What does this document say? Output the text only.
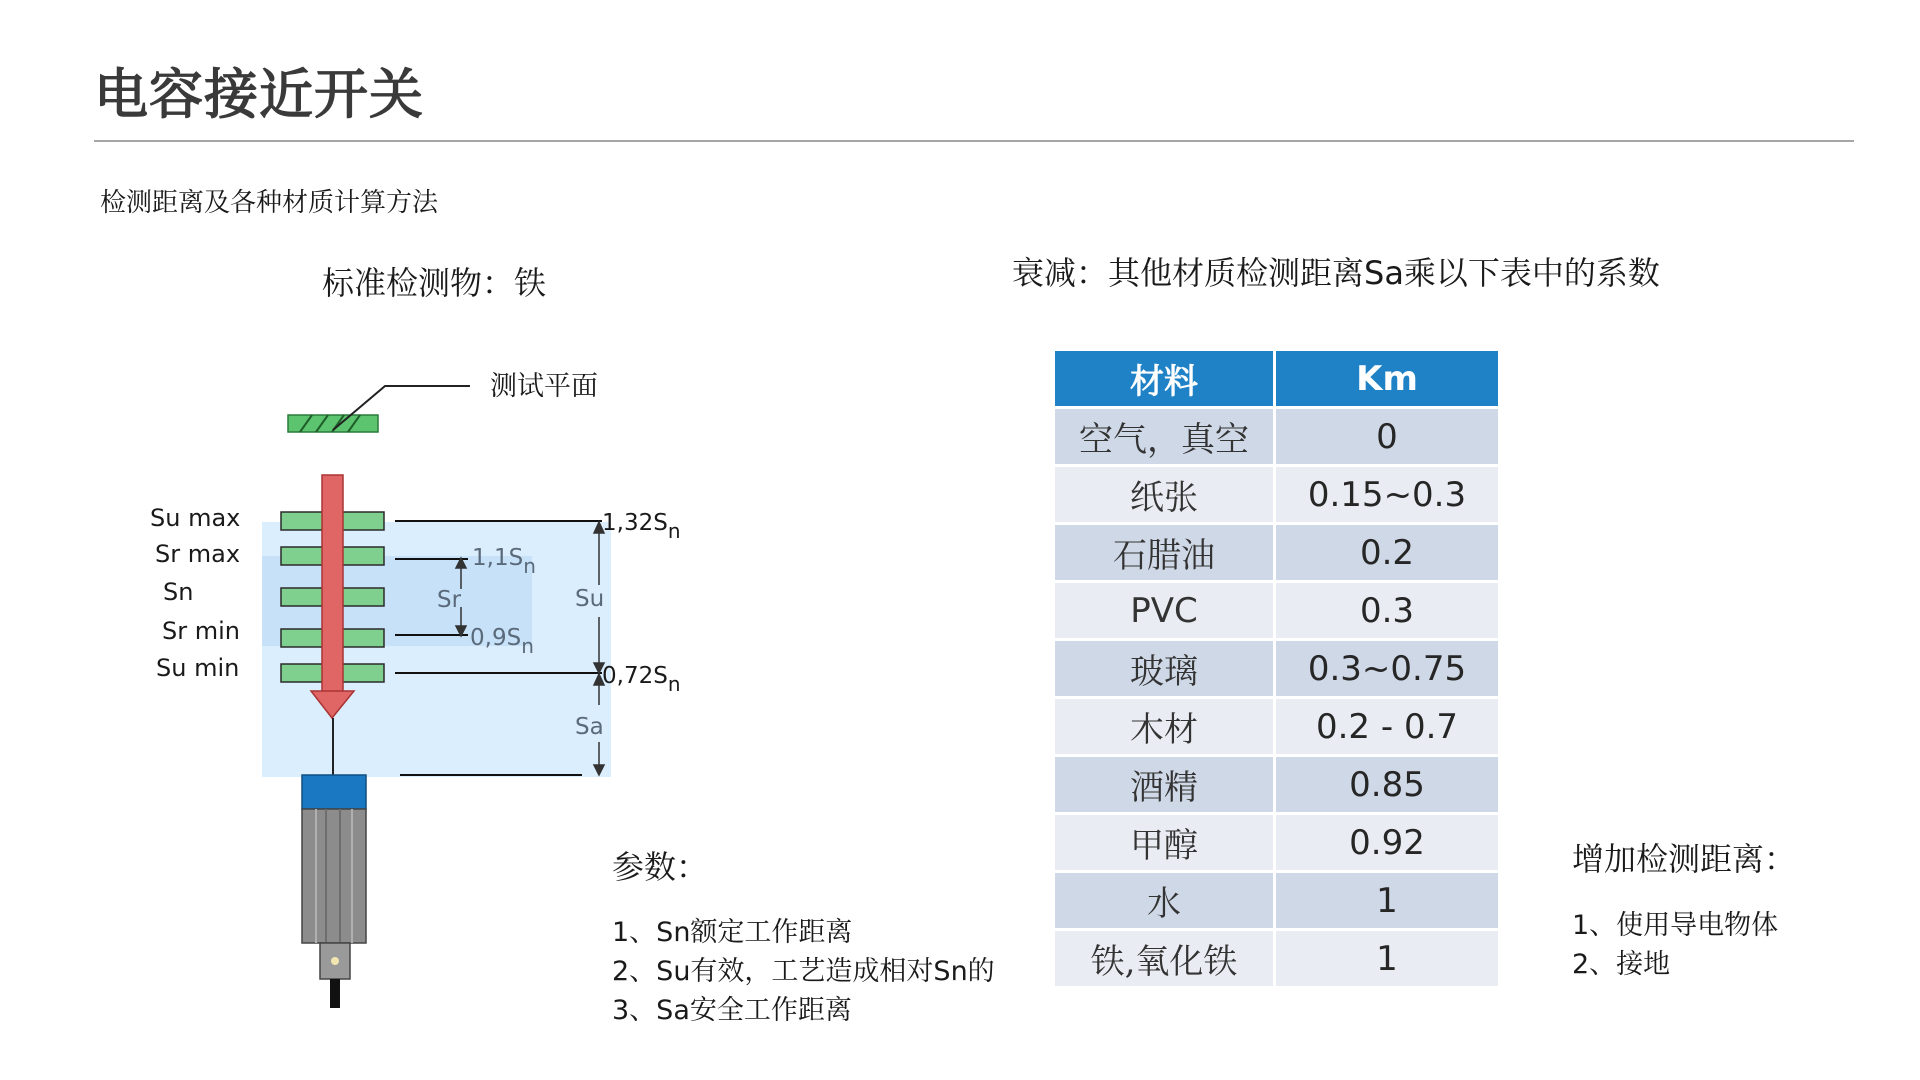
电容接近开关
检测距离及各种材质计算方法
标准检测物：铁	衰减：其他材质检测距离Sa乘以下表中的系数
测试平面
Sr	Su
Sa
1,32Sn
1,1Sn
0,9Sn
0,72Sn
Su max
Sr max
Sn
Sr min
Su min
材料	Km
空气，真空	0
纸张	0.15~0.3
石腊油	0.2
PVC	0.3
玻璃	0.3~0.75
木材	0.2 - 0.7
酒精	0.85
甲醇	0.92
水	1
铁,氧化铁	1
参数：
1、Sn额定工作距离
2、Su有效，工艺造成相对Sn的
3、Sa安全工作距离
增加检测距离：
1、使用导电物体
2、接地
